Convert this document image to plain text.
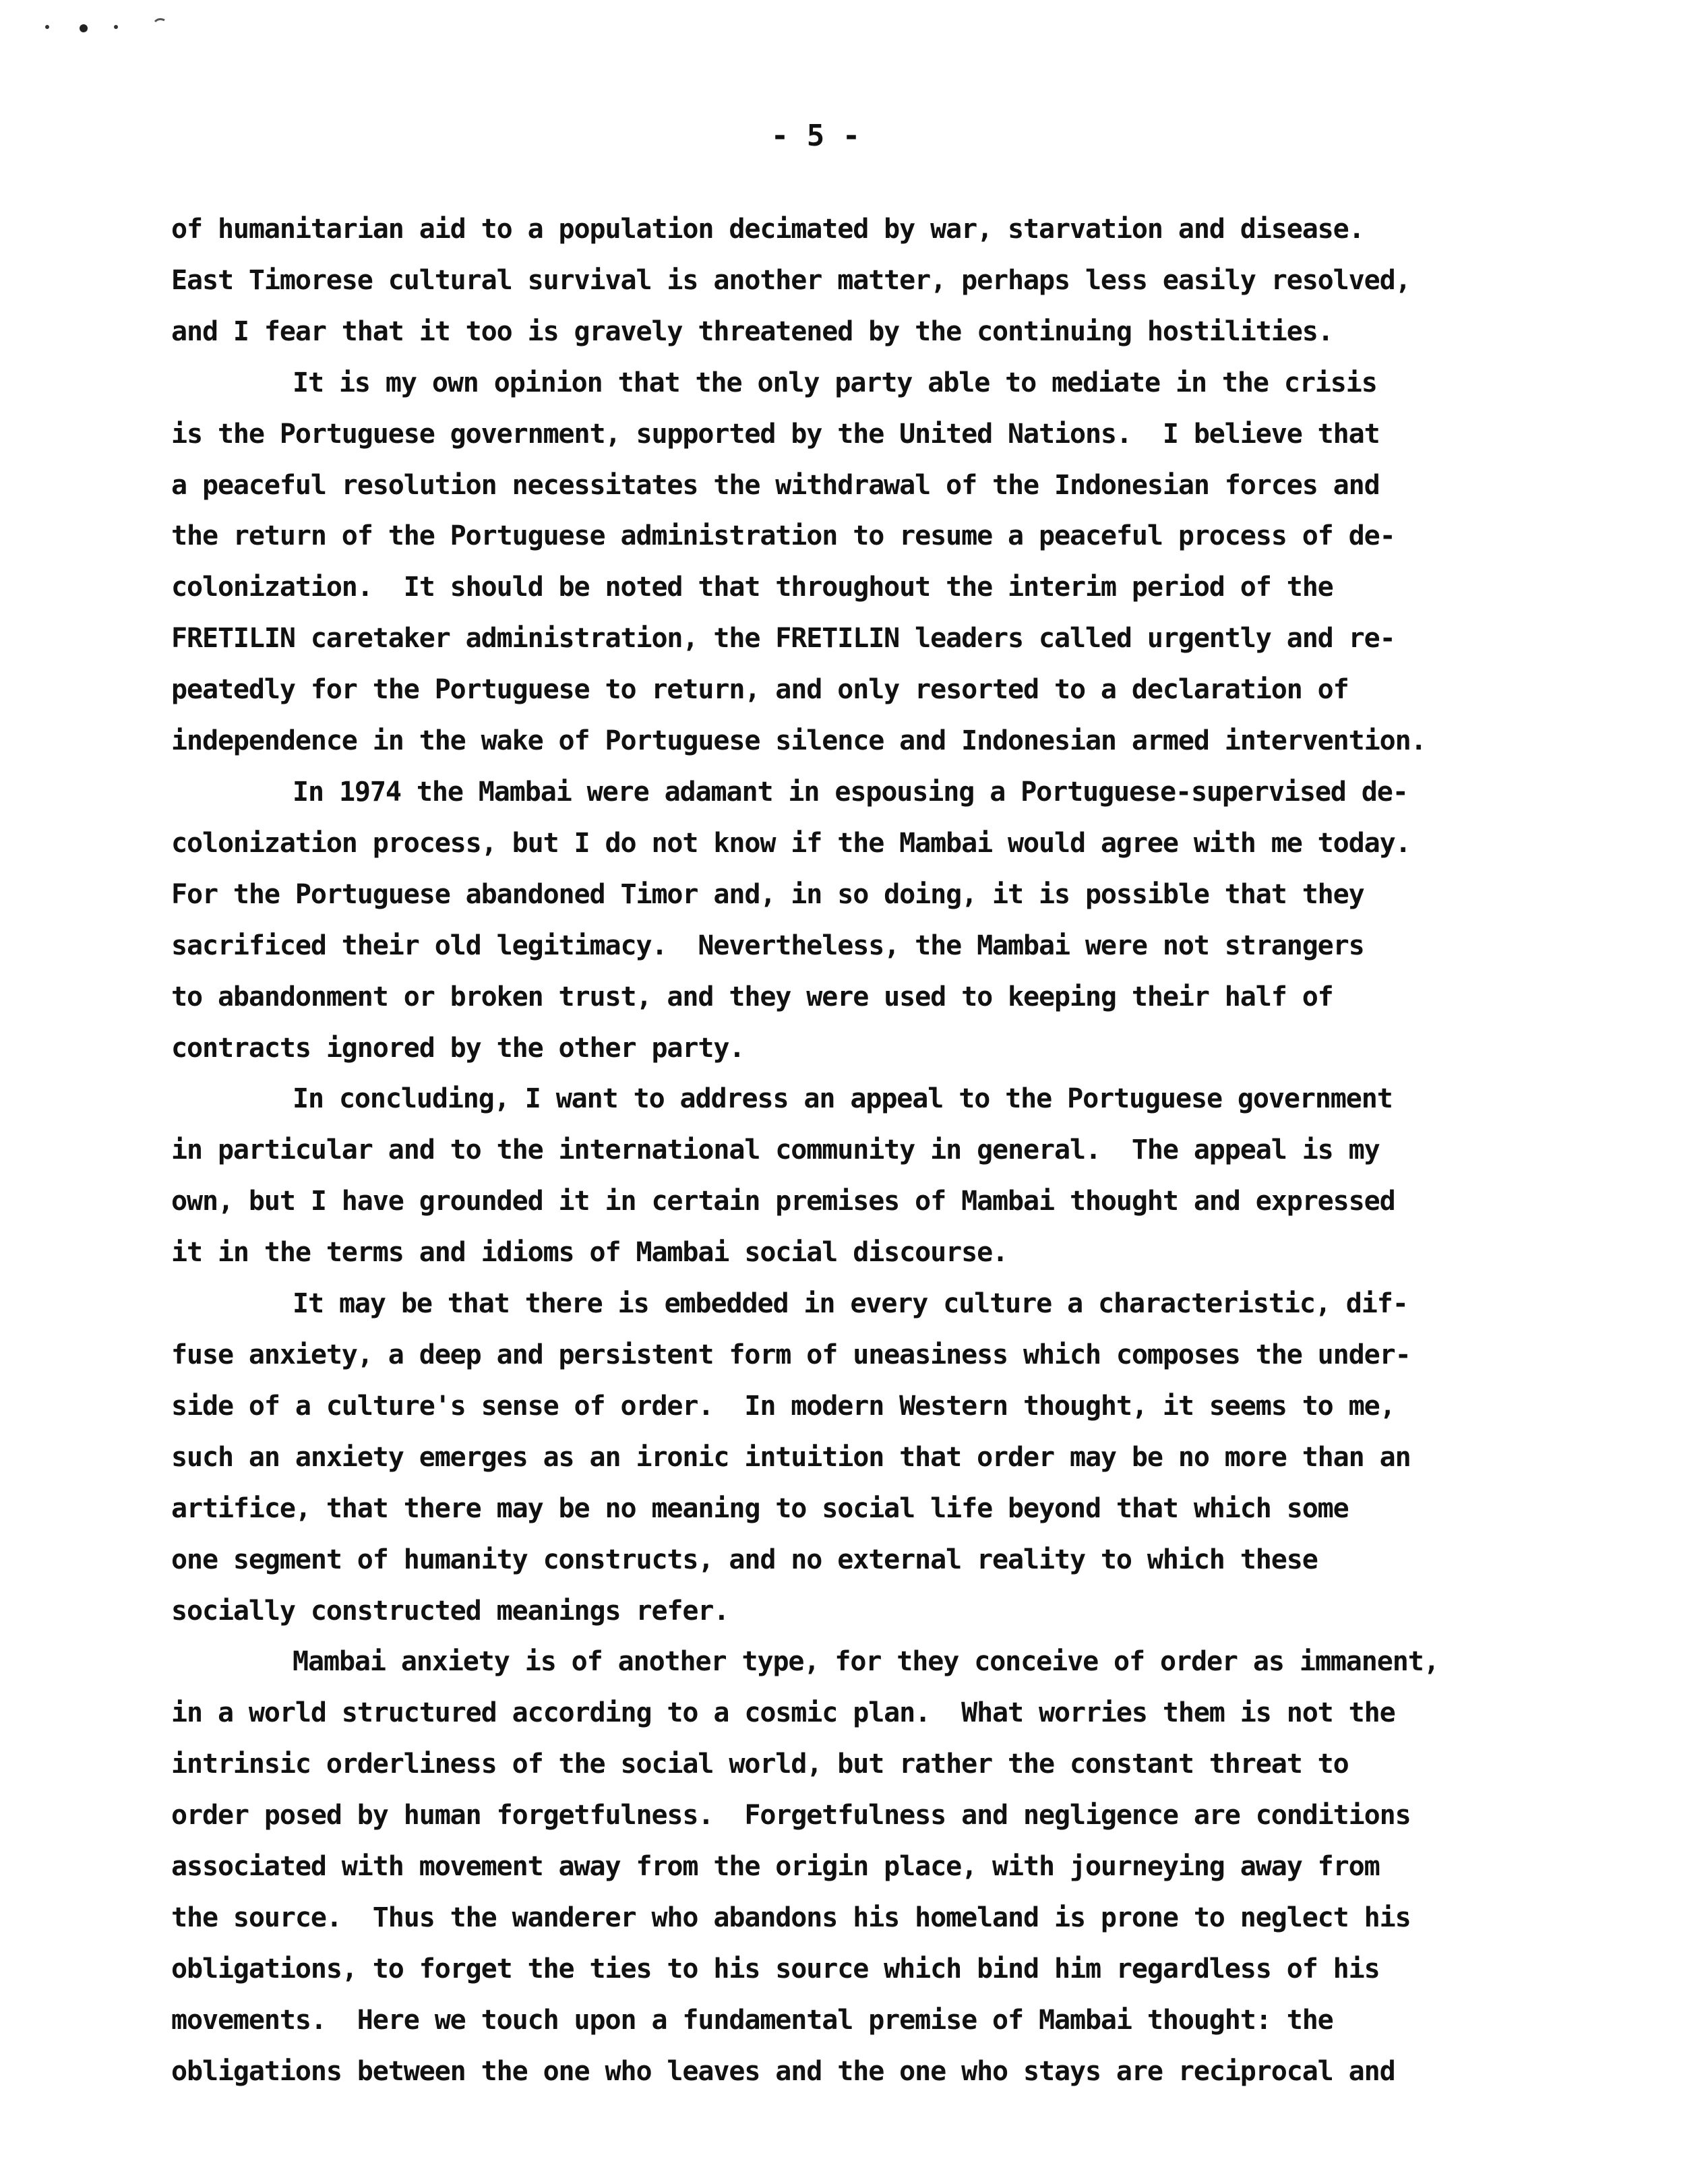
- 5 -
of humanitarian aid to a population decimated by war, starvation and disease.
East Timorese cultural survival is another matter, perhaps less easily resolved,
and I fear that it too is gravely threatened by the continuing hostilities.
It is my own opinion that the only party able to mediate in the crisis
is the Portuguese government, supported by the United Nations.  I believe that
a peaceful resolution necessitates the withdrawal of the Indonesian forces and
the return of the Portuguese administration to resume a peaceful process of de-
colonization.  It should be noted that throughout the interim period of the
FRETILIN caretaker administration, the FRETILIN leaders called urgently and re-
peatedly for the Portuguese to return, and only resorted to a declaration of
independence in the wake of Portuguese silence and Indonesian armed intervention.
In 1974 the Mambai were adamant in espousing a Portuguese-supervised de-
colonization process, but I do not know if the Mambai would agree with me today.
For the Portuguese abandoned Timor and, in so doing, it is possible that they
sacrificed their old legitimacy.  Nevertheless, the Mambai were not strangers
to abandonment or broken trust, and they were used to keeping their half of
contracts ignored by the other party.
In concluding, I want to address an appeal to the Portuguese government
in particular and to the international community in general.  The appeal is my
own, but I have grounded it in certain premises of Mambai thought and expressed
it in the terms and idioms of Mambai social discourse.
It may be that there is embedded in every culture a characteristic, dif-
fuse anxiety, a deep and persistent form of uneasiness which composes the under-
side of a culture's sense of order.  In modern Western thought, it seems to me,
such an anxiety emerges as an ironic intuition that order may be no more than an
artifice, that there may be no meaning to social life beyond that which some
one segment of humanity constructs, and no external reality to which these
socially constructed meanings refer.
Mambai anxiety is of another type, for they conceive of order as immanent,
in a world structured according to a cosmic plan.  What worries them is not the
intrinsic orderliness of the social world, but rather the constant threat to
order posed by human forgetfulness.  Forgetfulness and negligence are conditions
associated with movement away from the origin place, with journeying away from
the source.  Thus the wanderer who abandons his homeland is prone to neglect his
obligations, to forget the ties to his source which bind him regardless of his
movements.  Here we touch upon a fundamental premise of Mambai thought: the
obligations between the one who leaves and the one who stays are reciprocal and
